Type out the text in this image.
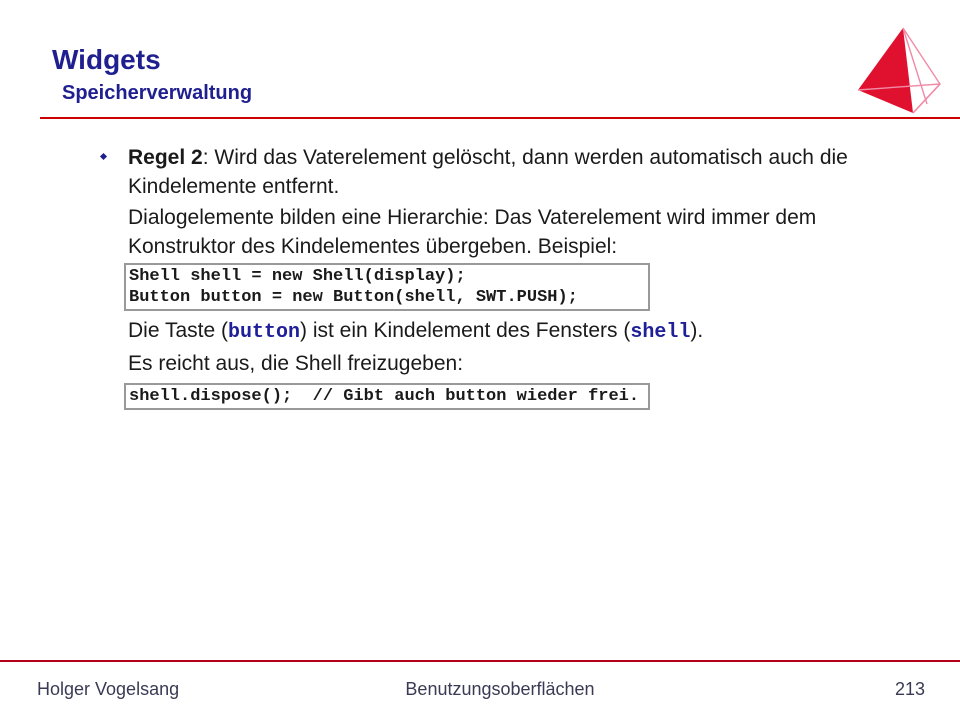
Widgets
Speicherverwaltung
Regel 2: Wird das Vaterelement gelöscht, dann werden automatisch auch die
Kindelemente entfernt.
Dialogelemente bilden eine Hierarchie: Das Vaterelement wird immer dem
Konstruktor des Kindelementes übergeben. Beispiel:
Shell shell = new Shell(display);
Button button = new Button(shell, SWT.PUSH);
Die Taste (button) ist ein Kindelement des Fensters (shell).
Es reicht aus, die Shell freizugeben:
shell.dispose();  // Gibt auch button wieder frei.
Holger Vogelsang	Benutzungsoberflächen	213
